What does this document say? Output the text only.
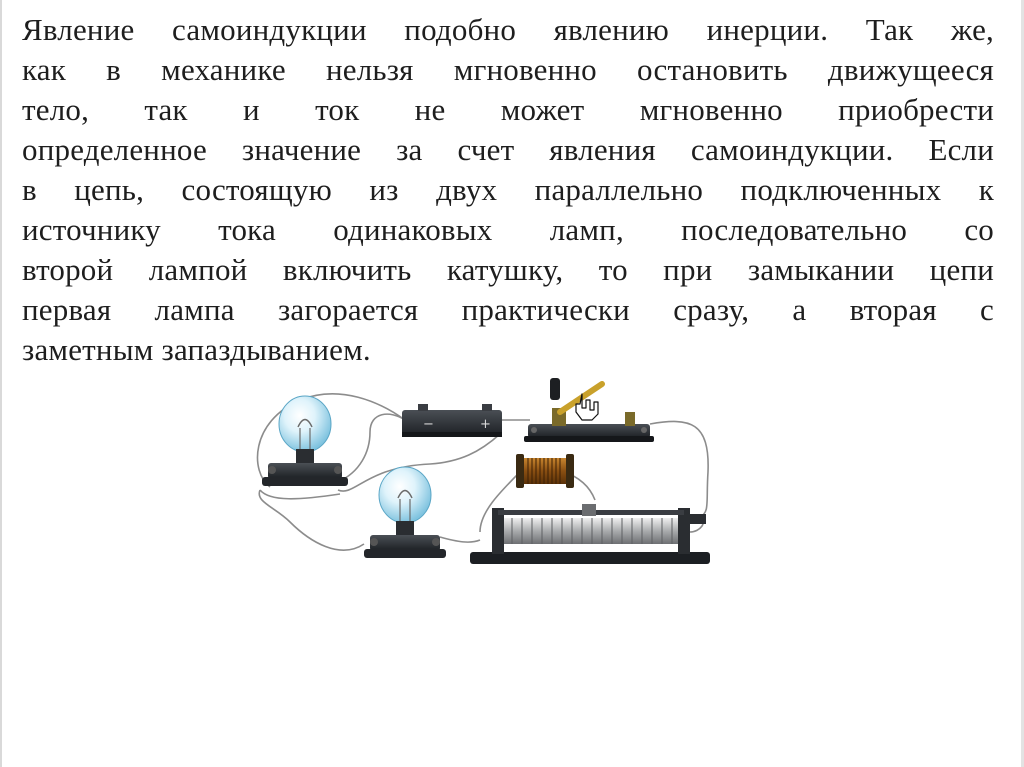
Явление самоиндукции подобно явлению инерции. Так же,
как в механике нельзя мгновенно остановить движущееся
тело, так и ток не может мгновенно приобрести
определенное значение за счет явления самоиндукции. Если
в цепь, состоящую из двух параллельно подключенных к
источнику тока одинаковых ламп, последовательно со
второй лампой включить катушку, то при замыкании цепи
первая лампа загорается практически сразу, а вторая с
заметным запаздыванием.
−	+
